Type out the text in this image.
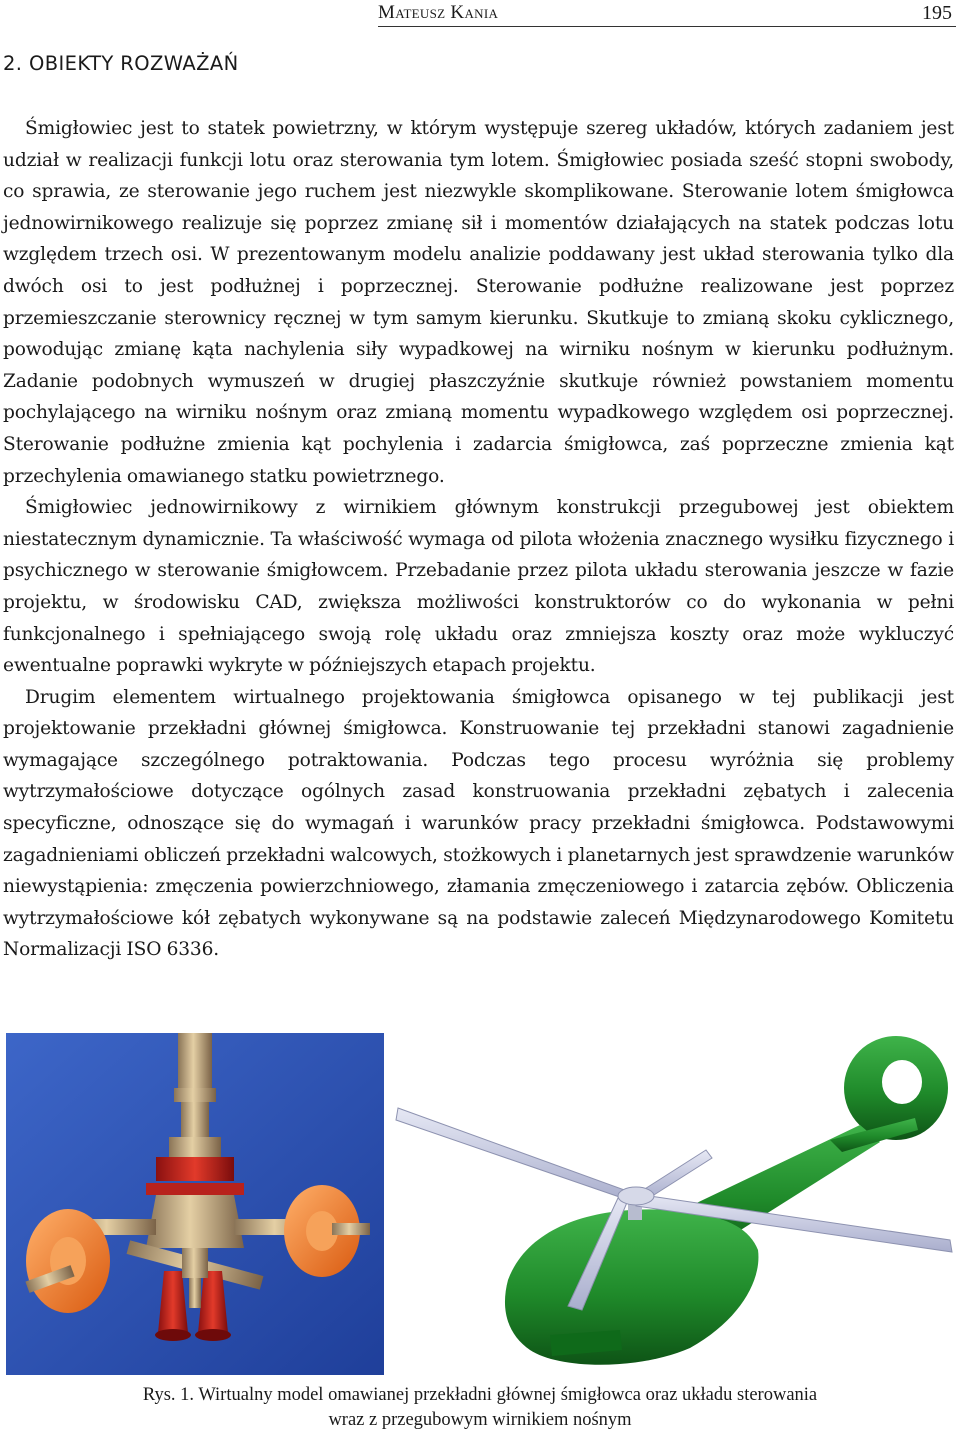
Mateusz Kania	195
2. OBIEKTY ROZWAŻAŃ

Śmigłowiec jest to statek powietrzny, w którym występuje szereg układów, których zadaniem jest udział w realizacji funkcji lotu oraz sterowania tym lotem. Śmigłowiec posiada sześć stopni swobody, co sprawia, ze sterowanie jego ruchem jest niezwykle skomplikowane. Sterowanie lotem śmigłowca jednowirnikowego realizuje się poprzez zmianę sił i momentów działających na statek podczas lotu względem trzech osi. W prezentowanym modelu analizie poddawany jest układ sterowania tylko dla dwóch osi to jest podłużnej i poprzecznej. Sterowanie podłużne realizowane jest poprzez przemieszczanie sterownicy ręcznej w tym samym kierunku. Skutkuje to zmianą skoku cyklicznego, powodując zmianę kąta nachylenia siły wypadkowej na wirniku nośnym w kierunku podłużnym. Zadanie podobnych wymuszeń w drugiej płaszczyźnie skutkuje również powstaniem momentu pochylającego na wirniku nośnym oraz zmianą momentu wypadkowego względem osi poprzecznej. Sterowanie podłużne zmienia kąt pochylenia i zadarcia śmigłowca, zaś poprzeczne zmienia kąt przechylenia omawianego statku powietrznego.

Śmigłowiec jednowirnikowy z wirnikiem głównym konstrukcji przegubowej jest obiektem niestatecznym dynamicznie. Ta właściwość wymaga od pilota włożenia znacznego wysiłku fizycznego i psychicznego w sterowanie śmigłowcem. Przebadanie przez pilota układu sterowania jeszcze w fazie projektu, w środowisku CAD, zwiększa możliwości konstruktorów co do wykonania w pełni funkcjonalnego i spełniającego swoją rolę układu oraz zmniejsza koszty oraz może wykluczyć ewentualne poprawki wykryte w późniejszych etapach projektu.

Drugim elementem wirtualnego projektowania śmigłowca opisanego w tej publikacji jest projektowanie przekładni głównej śmigłowca. Konstruowanie tej przekładni stanowi zagadnienie wymagające szczególnego potraktowania. Podczas tego procesu wyróżnia się problemy wytrzymałościowe dotyczące ogólnych zasad konstruowania przekładni zębatych i zalecenia specyficzne, odnoszące się do wymagań i warunków pracy przekładni śmigłowca. Podstawowymi zagadnieniami obliczeń przekładni walcowych, stożkowych i planetarnych jest sprawdzenie warunków niewystąpienia: zmęczenia powierzchniowego, złamania zmęczeniowego i zatarcia zębów. Obliczenia wytrzymałościowe kół zębatych wykonywane są na podstawie zaleceń Międzynarodowego Komitetu Normalizacji ISO 6336.

Rys. 1. Wirtualny model omawianej przekładni głównej śmigłowca oraz układu sterowania
wraz z przegubowym wirnikiem nośnym
